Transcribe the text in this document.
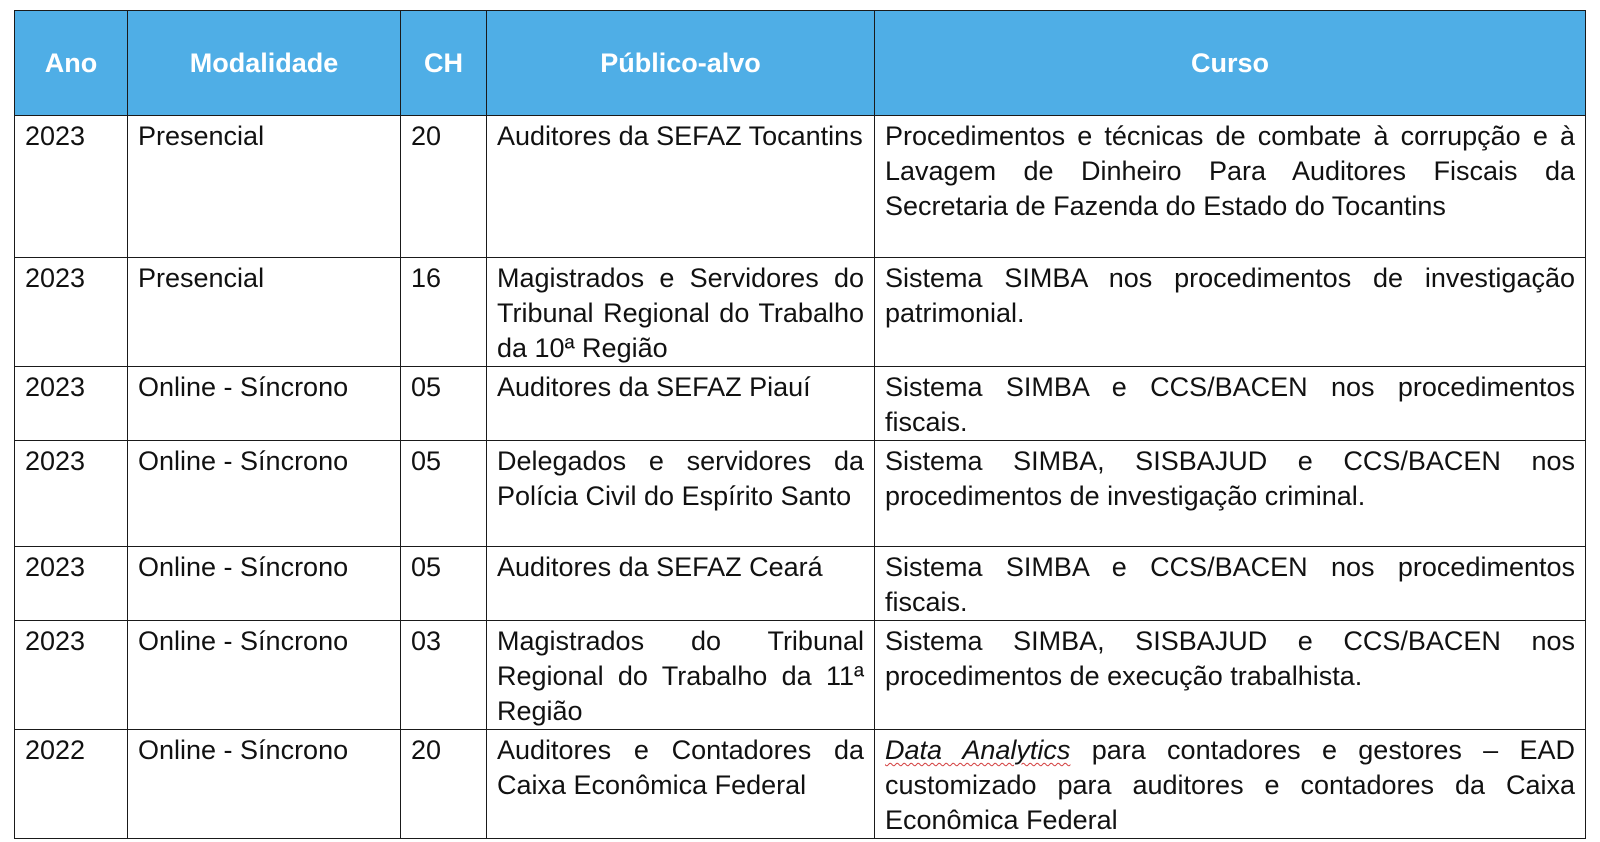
Ano	Modalidade	CH	Público-alvo	Curso
2023	Presencial	20	Auditores da SEFAZ Tocantins	Procedimentos e técnicas de combate à corrupção e à Lavagem de Dinheiro Para Auditores Fiscais da Secretaria de Fazenda do Estado do Tocantins
2023	Presencial	16	Magistrados e Servidores do Tribunal Regional do Trabalho da 10ª Região	Sistema SIMBA nos procedimentos de investigação patrimonial.
2023	Online - Síncrono	05	Auditores da SEFAZ Piauí	Sistema SIMBA e CCS/BACEN nos procedimentos fiscais.
2023	Online - Síncrono	05	Delegados e servidores da Polícia Civil do Espírito Santo	Sistema SIMBA, SISBAJUD e CCS/BACEN nos procedimentos de investigação criminal.
2023	Online - Síncrono	05	Auditores da SEFAZ Ceará	Sistema SIMBA e CCS/BACEN nos procedimentos fiscais.
2023	Online - Síncrono	03	Magistrados do Tribunal Regional do Trabalho da 11ª Região	Sistema SIMBA, SISBAJUD e CCS/BACEN nos procedimentos de execução trabalhista.
2022	Online - Síncrono	20	Auditores e Contadores da Caixa Econômica Federal	Data Analytics para contadores e gestores – EAD customizado para auditores e contadores da Caixa Econômica Federal
